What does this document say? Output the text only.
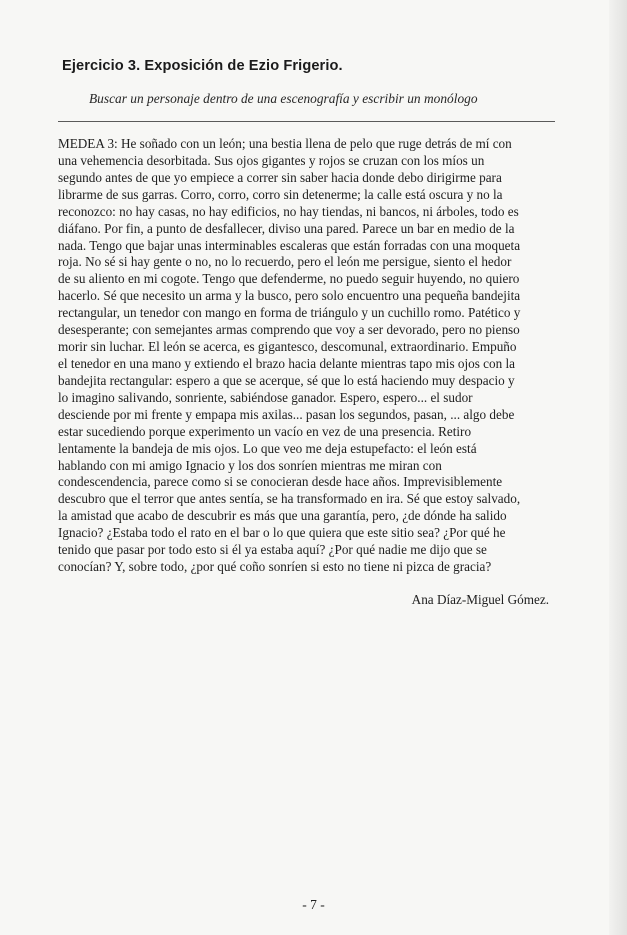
Ejercicio 3. Exposición de Ezio Frigerio.
Buscar un personaje dentro de una escenografía y escribir un monólogo
MEDEA 3: He soñado con un león; una bestia llena de pelo que ruge detrás de mí con
una vehemencia desorbitada. Sus ojos gigantes y rojos se cruzan con los míos un
segundo antes de que yo empiece a correr sin saber hacia donde debo dirigirme para
librarme de sus garras. Corro, corro, corro sin detenerme; la calle está oscura y no la
reconozco: no hay casas, no hay edificios, no hay tiendas, ni bancos, ni árboles, todo es
diáfano. Por fin, a punto de desfallecer, diviso una pared. Parece un bar en medio de la
nada. Tengo que bajar unas interminables escaleras que están forradas con una moqueta
roja. No sé si hay gente o no, no lo recuerdo, pero el león me persigue, siento el hedor
de su aliento en mi cogote. Tengo que defenderme, no puedo seguir huyendo, no quiero
hacerlo. Sé que necesito un arma y la busco, pero solo encuentro una pequeña bandejita
rectangular, un tenedor con mango en forma de triángulo y un cuchillo romo. Patético y
desesperante; con semejantes armas comprendo que voy a ser devorado, pero no pienso
morir sin luchar. El león se acerca, es gigantesco, descomunal, extraordinario. Empuño
el tenedor en una mano y extiendo el brazo hacia delante mientras tapo mis ojos con la
bandejita rectangular: espero a que se acerque, sé que lo está haciendo muy despacio y
lo imagino salivando, sonriente, sabiéndose ganador. Espero, espero... el sudor
desciende por mi frente y empapa mis axilas... pasan los segundos, pasan, ... algo debe
estar sucediendo porque experimento un vacío en vez de una presencia. Retiro
lentamente la bandeja de mis ojos. Lo que veo me deja estupefacto: el león está
hablando con mi amigo Ignacio y los dos sonríen mientras me miran con
condescendencia, parece como si se conocieran desde hace años. Imprevisiblemente
descubro que el terror que antes sentía, se ha transformado en ira. Sé que estoy salvado,
la amistad que acabo de descubrir es más que una garantía, pero, ¿de dónde ha salido
Ignacio? ¿Estaba todo el rato en el bar o lo que quiera que este sitio sea? ¿Por qué he
tenido que pasar por todo esto si él ya estaba aquí? ¿Por qué nadie me dijo que se
conocían? Y, sobre todo, ¿por qué coño sonríen si esto no tiene ni pizca de gracia?
Ana Díaz-Miguel Gómez.
- 7 -
